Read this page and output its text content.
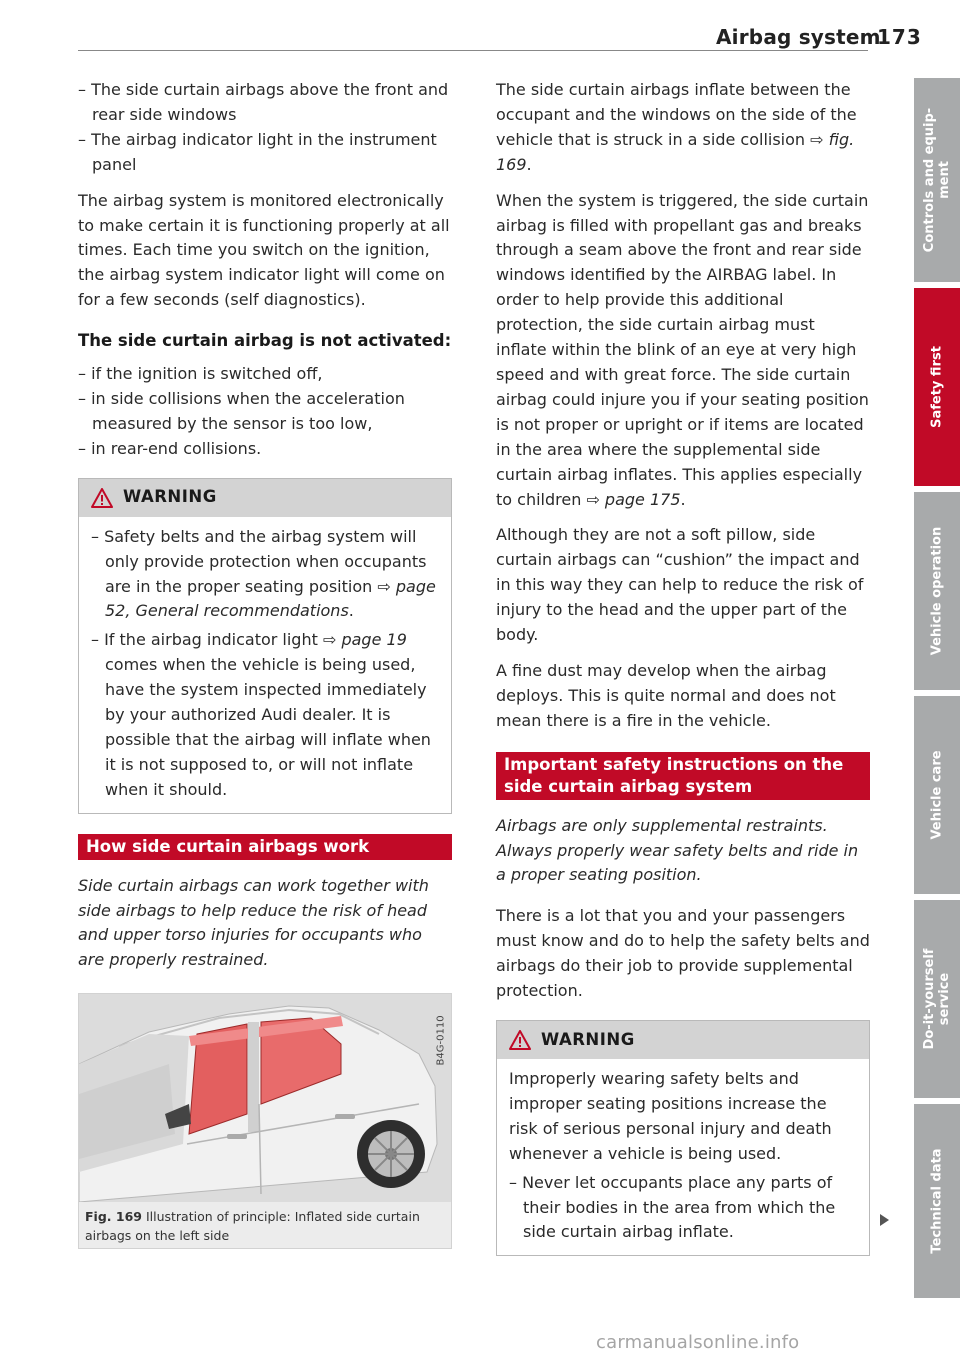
Airbag system
173

– The side curtain airbags above the front and rear side windows

– The airbag indicator light in the instrument panel

The airbag system is monitored electronically to make certain it is functioning properly at all times. Each time you switch on the ignition, the airbag system indicator light will come on for a few seconds (self diagnostics).

The side curtain airbag is not activated:

– if the ignition is switched off,

– in side collisions when the acceleration measured by the sensor is too low,

– in rear-end collisions.

WARNING

– Safety belts and the airbag system will only provide protection when occupants are in the proper seating position ⇨ page 52, General recommendations.

– If the airbag indicator light ⇨ page 19 comes when the vehicle is being used, have the system inspected immediately by your authorized Audi dealer. It is possible that the airbag will inflate when it is not supposed to, or will not inflate when it should.

How side curtain airbags work

Side curtain airbags can work together with side airbags to help reduce the risk of head and upper torso injuries for occupants who are properly restrained.

B4G-0110
Fig. 169 Illustration of principle: Inflated side curtain airbags on the left side

The side curtain airbags inflate between the occupant and the windows on the side of the vehicle that is struck in a side collision ⇨ fig. 169.

When the system is triggered, the side curtain airbag is filled with propellant gas and breaks through a seam above the front and rear side windows identified by the AIRBAG label. In order to help provide this additional protection, the side curtain airbag must inflate within the blink of an eye at very high speed and with great force. The side curtain airbag could injure you if your seating position is not proper or upright or if items are located in the area where the supplemental side curtain airbag inflates. This applies especially to children ⇨ page 175.

Although they are not a soft pillow, side curtain airbags can “cushion” the impact and in this way they can help to reduce the risk of injury to the head and the upper part of the body.

A fine dust may develop when the airbag deploys. This is quite normal and does not mean there is a fire in the vehicle.

Important safety instructions on the side curtain airbag system

Airbags are only supplemental restraints. Always properly wear safety belts and ride in a proper seating position.

There is a lot that you and your passengers must know and do to help the safety belts and airbags do their job to provide supplemental protection.

WARNING

Improperly wearing safety belts and improper seating positions increase the risk of serious personal injury and death whenever a vehicle is being used.

– Never let occupants place any parts of their bodies in the area from which the side curtain airbag inflate.

Controls and equip-
ment
Safety first
Vehicle operation
Vehicle care
Do-it-yourself
service
Technical data
carmanualsonline.info
